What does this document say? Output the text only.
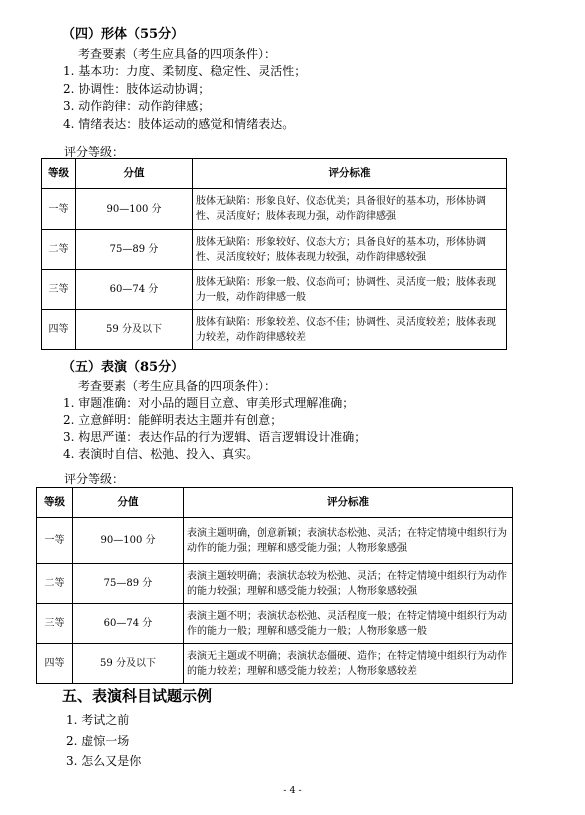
（四）形体（55分）
考查要素（考生应具备的四项条件）：
1. 基本功：力度、柔韧度、稳定性、灵活性；
2. 协调性：肢体运动协调；
3. 动作韵律：动作韵律感；
4. 情绪表达：肢体运动的感觉和情绪表达。
评分等级：
等级	分值	评分标准
一等	90—100 分	肢体无缺陷：形象良好、仪态优美；具备很好的基本功，形体协调性、灵活度好；肢体表现力强，动作韵律感强
二等	75—89 分	肢体无缺陷：形象较好、仪态大方；具备良好的基本功，形体协调性、灵活度较好；肢体表现力较强，动作韵律感较强
三等	60—74 分	肢体无缺陷：形象一般、仪态尚可；协调性、灵活度一般；肢体表现力一般，动作韵律感一般
四等	59 分及以下	肢体有缺陷：形象较差、仪态不佳；协调性、灵活度较差；肢体表现力较差，动作韵律感较差
（五）表演（85分）
考查要素（考生应具备的四项条件）：
1. 审题准确：对小品的题目立意、审美形式理解准确；
2. 立意鲜明：能鲜明表达主题并有创意；
3. 构思严谨：表达作品的行为逻辑、语言逻辑设计准确；
4. 表演时自信、松弛、投入、真实。
评分等级：
等级	分值	评分标准
一等	90—100 分	表演主题明确，创意新颖；表演状态松弛、灵活；在特定情境中组织行为动作的能力强；理解和感受能力强；人物形象感强
二等	75—89 分	表演主题较明确；表演状态较为松弛、灵活；在特定情境中组织行为动作的能力较强；理解和感受能力较强；人物形象感较强
三等	60—74 分	表演主题不明；表演状态松弛、灵活程度一般；在特定情境中组织行为动作的能力一般；理解和感受能力一般；人物形象感一般
四等	59 分及以下	表演无主题或不明确；表演状态僵硬、造作；在特定情境中组织行为动作的能力较差；理解和感受能力较差；人物形象感较差
五、表演科目试题示例
1. 考试之前
2. 虚惊一场
3. 怎么又是你
- 4 -
